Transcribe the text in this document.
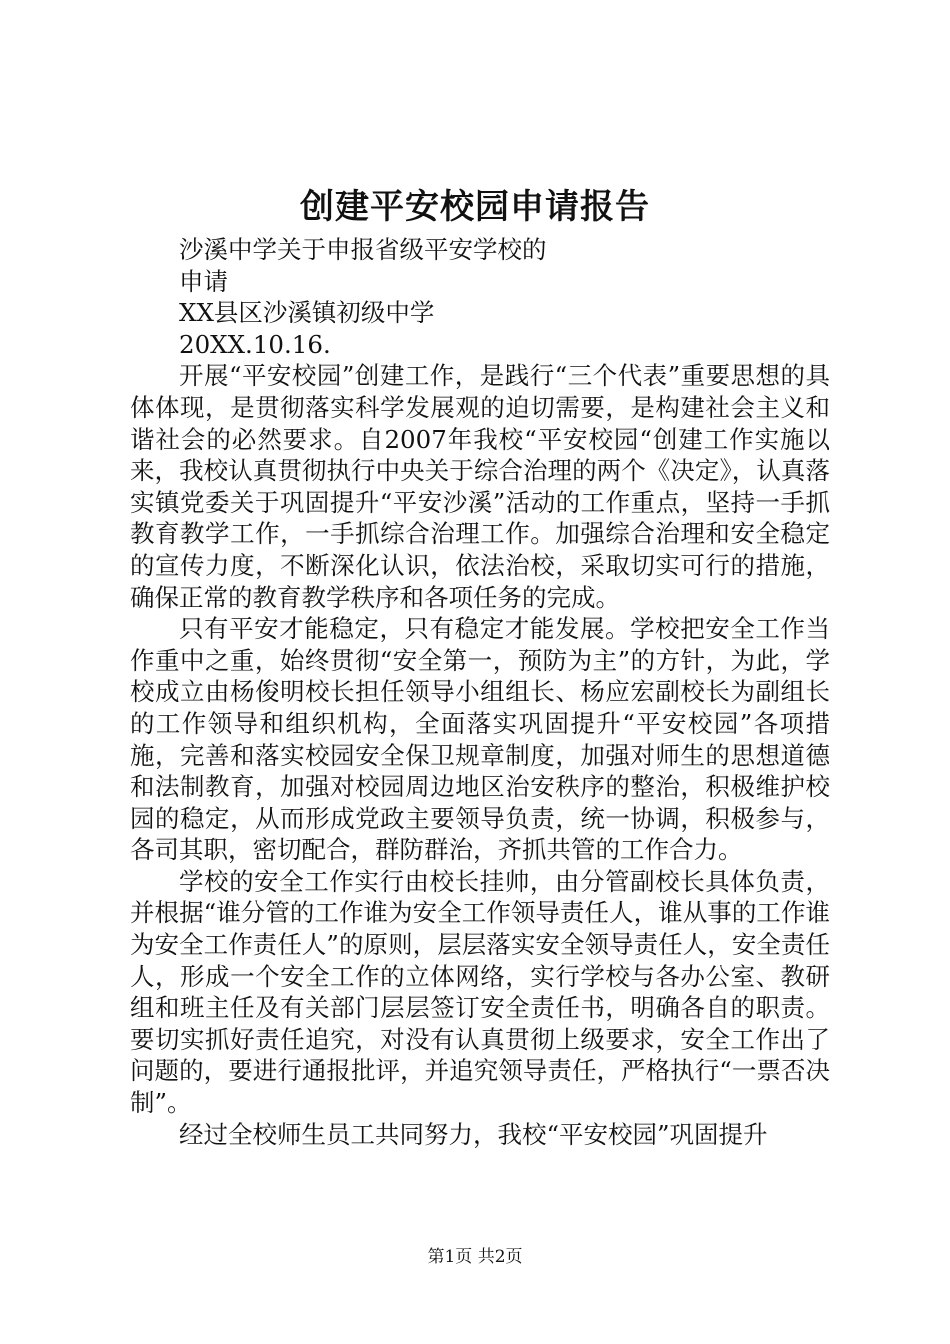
创建平安校园申请报告
沙溪中学关于申报省级平安学校的
申请
XX县区沙溪镇初级中学
20XX.10.16.

开展“平安校园”创建工作，是践行“三个代表”重要思想的具体体现，是贯彻落实科学发展观的迫切需要，是构建社会主义和谐社会的必然要求。自2007年我校“平安校园“创建工作实施以来，我校认真贯彻执行中央关于综合治理的两个《决定》，认真落实镇党委关于巩固提升“平安沙溪”活动的工作重点，坚持一手抓教育教学工作，一手抓综合治理工作。加强综合治理和安全稳定的宣传力度，不断深化认识，依法治校，采取切实可行的措施，确保正常的教育教学秩序和各项任务的完成。

只有平安才能稳定，只有稳定才能发展。学校把安全工作当作重中之重，始终贯彻“安全第一，预防为主”的方针，为此，学校成立由杨俊明校长担任领导小组组长、杨应宏副校长为副组长的工作领导和组织机构，全面落实巩固提升“平安校园”各项措施，完善和落实校园安全保卫规章制度，加强对师生的思想道德和法制教育，加强对校园周边地区治安秩序的整治，积极维护校园的稳定，从而形成党政主要领导负责，统一协调，积极参与，各司其职，密切配合，群防群治，齐抓共管的工作合力。

学校的安全工作实行由校长挂帅，由分管副校长具体负责，并根据“谁分管的工作谁为安全工作领导责任人，谁从事的工作谁为安全工作责任人”的原则，层层落实安全领导责任人，安全责任人，形成一个安全工作的立体网络，实行学校与各办公室、教研组和班主任及有关部门层层签订安全责任书，明确各自的职责。要切实抓好责任追究，对没有认真贯彻上级要求，安全工作出了问题的，要进行通报批评，并追究领导责任，严格执行“一票否决制”。

经过全校师生员工共同努力，我校“平安校园”巩固提升

第1页 共2页
